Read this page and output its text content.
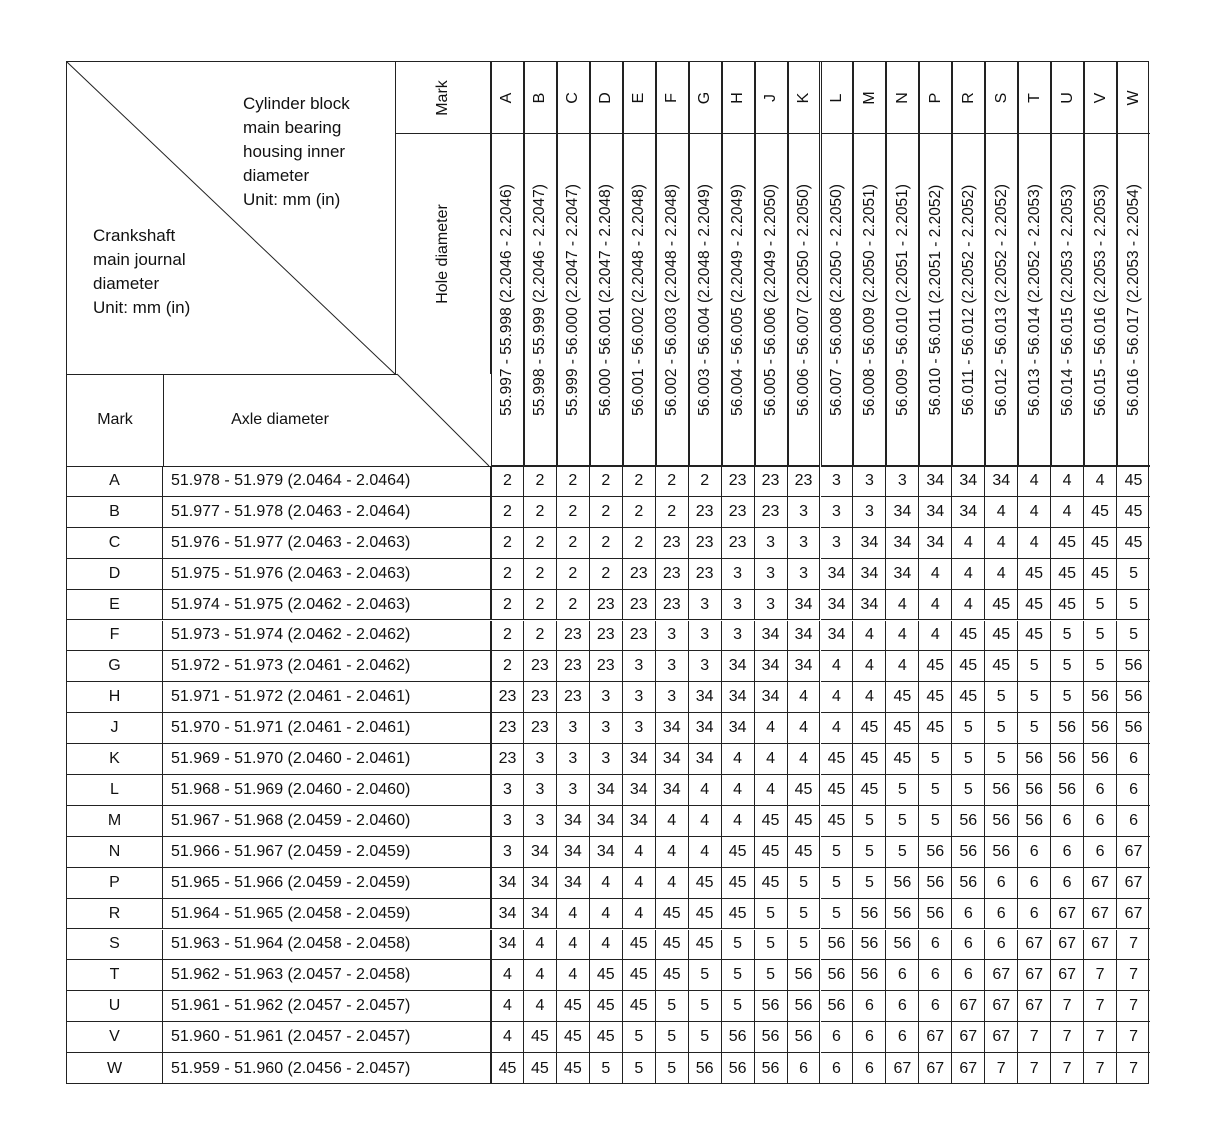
Cylinder block
main bearing
housing inner
diameter
Unit: mm (in)
Crankshaft
main journal
diameter
Unit: mm (in)
Mark
Hole diameter
Mark	Axle diameter
A
55.997 - 55.998 (2.2046 - 2.2046)
B
55.998 - 55.999 (2.2046 - 2.2047)
C
55.999 - 56.000 (2.2047 - 2.2047)
D
56.000 - 56.001 (2.2047 - 2.2048)
E
56.001 - 56.002 (2.2048 - 2.2048)
F
56.002 - 56.003 (2.2048 - 2.2048)
G
56.003 - 56.004 (2.2048 - 2.2049)
H
56.004 - 56.005 (2.2049 - 2.2049)
J
56.005 - 56.006 (2.2049 - 2.2050)
K
56.006 - 56.007 (2.2050 - 2.2050)
L
56.007 - 56.008 (2.2050 - 2.2050)
M
56.008 - 56.009 (2.2050 - 2.2051)
N
56.009 - 56.010 (2.2051 - 2.2051)
P
56.010 - 56.011 (2.2051 - 2.2052)
R
56.011 - 56.012 (2.2052 - 2.2052)
S
56.012 - 56.013 (2.2052 - 2.2052)
T
56.013 - 56.014 (2.2052 - 2.2053)
U
56.014 - 56.015 (2.2053 - 2.2053)
V
56.015 - 56.016 (2.2053 - 2.2053)
W
56.016 - 56.017 (2.2053 - 2.2054)
A	51.978 - 51.979 (2.0464 - 2.0464)	2 2 2 2 2 2 2 23 23 23 3 3 3 34 34 34 4 4 4 45
B	51.977 - 51.978 (2.0463 - 2.0464)	2 2 2 2 2 2 23 23 23 3 3 3 34 34 34 4 4 4 45 45
C	51.976 - 51.977 (2.0463 - 2.0463)	2 2 2 2 2 23 23 23 3 3 3 34 34 34 4 4 4 45 45 45
D	51.975 - 51.976 (2.0463 - 2.0463)	2 2 2 2 23 23 23 3 3 3 34 34 34 4 4 4 45 45 45 5
E	51.974 - 51.975 (2.0462 - 2.0463)	2 2 2 23 23 23 3 3 3 34 34 34 4 4 4 45 45 45 5 5
F	51.973 - 51.974 (2.0462 - 2.0462)	2 2 23 23 23 3 3 3 34 34 34 4 4 4 45 45 45 5 5 5
G	51.972 - 51.973 (2.0461 - 2.0462)	2 23 23 23 3 3 3 34 34 34 4 4 4 45 45 45 5 5 5 56
H	51.971 - 51.972 (2.0461 - 2.0461)	23 23 23 3 3 3 34 34 34 4 4 4 45 45 45 5 5 5 56 56
J	51.970 - 51.971 (2.0461 - 2.0461)	23 23 3 3 3 34 34 34 4 4 4 45 45 45 5 5 5 56 56 56
K	51.969 - 51.970 (2.0460 - 2.0461)	23 3 3 3 34 34 34 4 4 4 45 45 45 5 5 5 56 56 56 6
L	51.968 - 51.969 (2.0460 - 2.0460)	3 3 3 34 34 34 4 4 4 45 45 45 5 5 5 56 56 56 6 6
M	51.967 - 51.968 (2.0459 - 2.0460)	3 3 34 34 34 4 4 4 45 45 45 5 5 5 56 56 56 6 6 6
N	51.966 - 51.967 (2.0459 - 2.0459)	3 34 34 34 4 4 4 45 45 45 5 5 5 56 56 56 6 6 6 67
P	51.965 - 51.966 (2.0459 - 2.0459)	34 34 34 4 4 4 45 45 45 5 5 5 56 56 56 6 6 6 67 67
R	51.964 - 51.965 (2.0458 - 2.0459)	34 34 4 4 4 45 45 45 5 5 5 56 56 56 6 6 6 67 67 67
S	51.963 - 51.964 (2.0458 - 2.0458)	34 4 4 4 45 45 45 5 5 5 56 56 56 6 6 6 67 67 67 7
T	51.962 - 51.963 (2.0457 - 2.0458)	4 4 4 45 45 45 5 5 5 56 56 56 6 6 6 67 67 67 7 7
U	51.961 - 51.962 (2.0457 - 2.0457)	4 4 45 45 45 5 5 5 56 56 56 6 6 6 67 67 67 7 7 7
V	51.960 - 51.961 (2.0457 - 2.0457)	4 45 45 45 5 5 5 56 56 56 6 6 6 67 67 67 7 7 7 7
W	51.959 - 51.960 (2.0456 - 2.0457)	45 45 45 5 5 5 56 56 56 6 6 6 67 67 67 7 7 7 7 7
